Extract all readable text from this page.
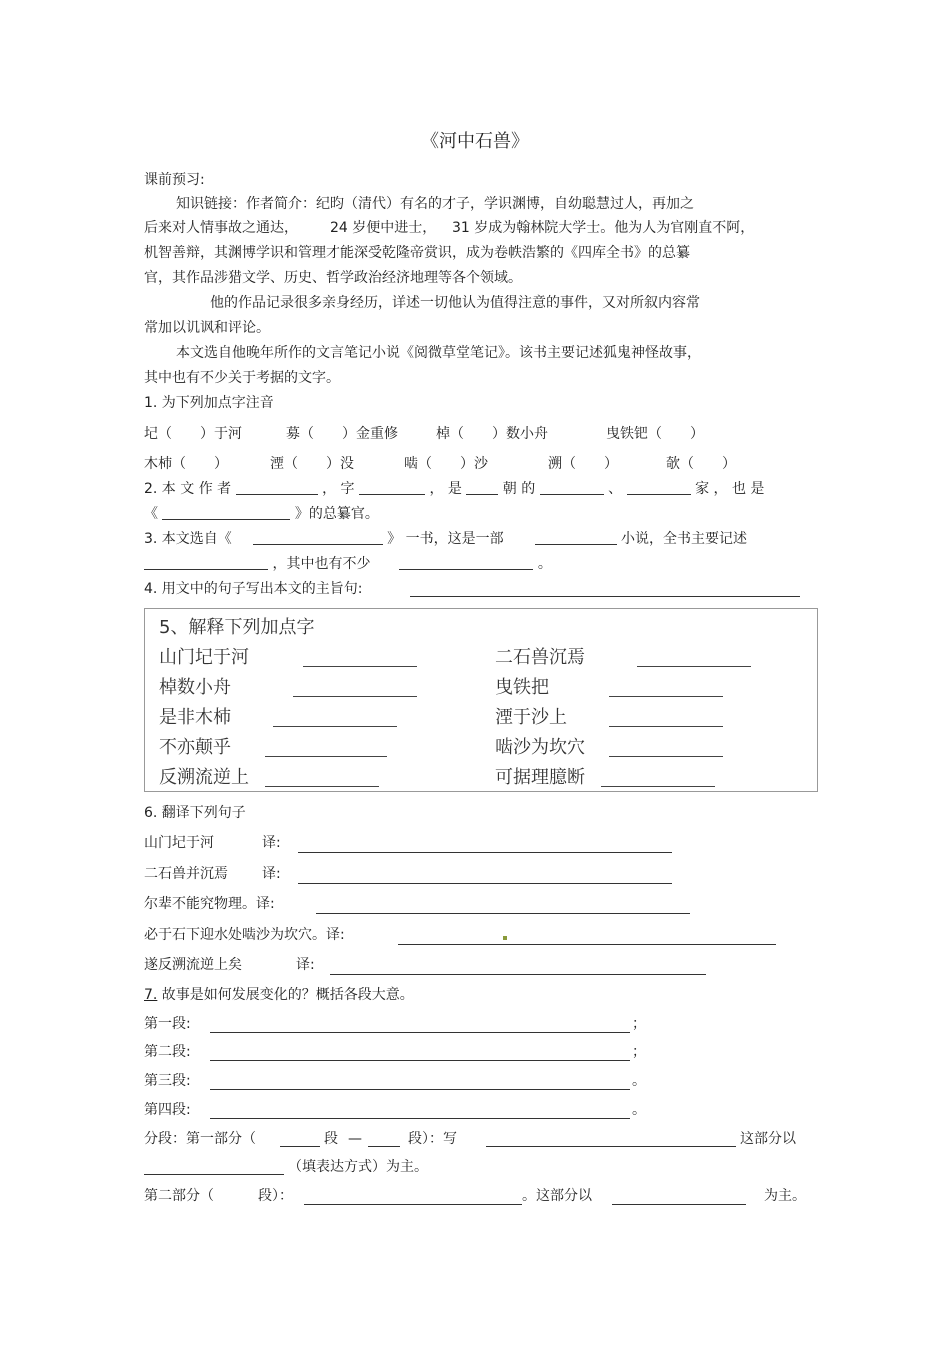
《河中石兽》
课前预习:
知识链接：作者简介：纪昀（清代）有名的才子，学识渊博，自幼聪慧过人，再加之
后来对人情事故之通达， 24 岁便中进士， 31 岁成为翰林院大学士。他为人为官刚直不阿，
机智善辩，其渊博学识和管理才能深受乾隆帝赏识，成为卷帙浩繁的《四库全书》的总纂
官，其作品涉猎文学、历史、哲学政治经济地理等各个领域。
他的作品记录很多亲身经历，详述一切他认为值得注意的事件，又对所叙内容常
常加以讥讽和评论。
本文选自他晚年所作的文言笔记小说《阅微草堂笔记》。该书主要记述狐鬼神怪故事，
其中也有不少关于考据的文字。
1. 为下列加点字注音
圮（　　）于河	募（　　）金重修	棹（　　）数小舟	曳铁钯（　　）
木杮（　　）	湮（　　）没	啮（　　）沙	溯（　　）	欹（　　）
2. 本 文 作 者	， 字	， 是	朝 的	、	家 ， 也 是
《	》的总纂官。
3. 本文选自《	》 一书，这是一部	小说，全书主要记述
，其中也有不少	。
4. 用文中的句子写出本文的主旨句:
5、解释下列加点字
山门圮于河	二石兽沉焉
棹数小舟	曳铁把
是非木杮	湮于沙上
不亦颠乎	啮沙为坎穴
反溯流逆上	可据理臆断
6. 翻译下列句子
山门圮于河	译:
二石兽并沉焉 译:
尔辈不能究物理。译:
必于石下迎水处啮沙为坎穴。译:
遂反溯流逆上矣	译:
7. 故事是如何发展变化的？概括各段大意。
第一段:	；
第二段:	；
第三段:	。
第四段:	。
分段：第一部分（	段 —	段）：写	这部分以
（填表达方式）为主。
第二部分（	段）：	。这部分以	为主。
